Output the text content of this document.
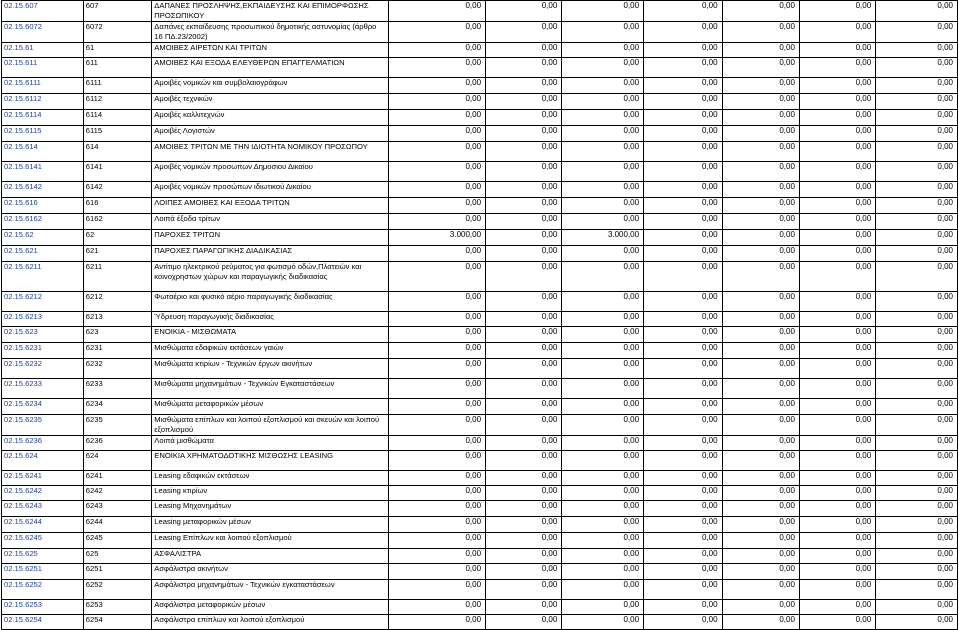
02.15.607	607	ΔΑΠΑΝΕΣ ΠΡΟΣΛΗΨΗΣ,ΕΚΠΑΙΔΕΥΣΗΣ ΚΑΙ ΕΠΙΜΟΡΦΩΣΗΣ ΠΡΟΣΩΠΙΚΟΥ	0,00	0,00	0,00	0,00	0,00	0,00	0,00
02.15.6072	6072	Δαπάνες εκπαίδευσης προσωπικού δημοτικής αστυνομίας (άρθρο 16 ΠΔ.23/2002)	0,00	0,00	0,00	0,00	0,00	0,00	0,00
02.15.61	61	ΑΜΟΙΒΕΣ ΑΙΡΕΤΩΝ ΚΑΙ ΤΡΙΤΩΝ	0,00	0,00	0,00	0,00	0,00	0,00	0,00
02.15.611	611	ΑΜΟΙΒΕΣ ΚΑΙ ΕΞΟΔΑ ΕΛΕΥΘΕΡΩΝ ΕΠΑΓΓΕΛΜΑΤΙΩΝ	0,00	0,00	0,00	0,00	0,00	0,00	0,00
02.15.6111	6111	Αμοιβές νομικών και συμβολαιογράφων	0,00	0,00	0,00	0,00	0,00	0,00	0,00
02.15.6112	6112	Αμοιβές τεχνικών	0,00	0,00	0,00	0,00	0,00	0,00	0,00
02.15.6114	6114	Αμοιβές καλλιτεχνών	0,00	0,00	0,00	0,00	0,00	0,00	0,00
02.15.6115	6115	Αμοιβές Λογιστών	0,00	0,00	0,00	0,00	0,00	0,00	0,00
02.15.614	614	ΑΜΟΙΒΕΣ ΤΡΙΤΩΝ ΜΕ ΤΗΝ ΙΔΙΟΤΗΤΑ ΝΟΜΙΚΟΥ ΠΡΟΣΩΠΟΥ	0,00	0,00	0,00	0,00	0,00	0,00	0,00
02.15.6141	6141	Αμοιβές νομικών προσωπων Δημοσιου Δικαίου	0,00	0,00	0,00	0,00	0,00	0,00	0,00
02.15.6142	6142	Αμοιβές νομικών προσώπων ιδιωτικού Δικαίου	0,00	0,00	0,00	0,00	0,00	0,00	0,00
02.15.616	616	ΛΟΙΠΕΣ ΑΜΟΙΒΕΣ ΚΑΙ ΕΞΟΔΑ ΤΡΙΤΩΝ	0,00	0,00	0,00	0,00	0,00	0,00	0,00
02.15.6162	6162	Λοιπά έξοδα τρίτων	0,00	0,00	0,00	0,00	0,00	0,00	0,00
02.15.62	62	ΠΑΡΟΧΕΣ ΤΡΙΤΩΝ	3.000,00	0,00	3.000,00	0,00	0,00	0,00	0,00
02.15.621	621	ΠΑΡΟΧΕΣ ΠΑΡΑΓΩΓΙΚΗΣ ΔΙΑΔΙΚΑΣΙΑΣ	0,00	0,00	0,00	0,00	0,00	0,00	0,00
02.15.6211	6211	Αντίτιμο ηλεκτρικού ρεύματος για φωτισμό οδών,Πλατειών και κοινοχρηστων χώρων και παραγωγικής διαδικασίας	0,00	0,00	0,00	0,00	0,00	0,00	0,00
02.15.6212	6212	Φωταέριο και φυσικό αέριο παραγωγικής διαδικασίας	0,00	0,00	0,00	0,00	0,00	0,00	0,00
02.15.6213	6213	Ύδρευση παραγωγικής διαδικασίας	0,00	0,00	0,00	0,00	0,00	0,00	0,00
02.15.623	623	ΕΝΟΙΚΙΑ - ΜΙΣΘΩΜΑΤΑ	0,00	0,00	0,00	0,00	0,00	0,00	0,00
02.15.6231	6231	Μισθώματα εδαφικών εκτάσεων γαιών	0,00	0,00	0,00	0,00	0,00	0,00	0,00
02.15.6232	6232	Μισθώματα κτιρίων - Τεχνικών έργων ακινήτων	0,00	0,00	0,00	0,00	0,00	0,00	0,00
02.15.6233	6233	Μισθώματα μηχανημάτων - Τεχνικών Εγκαταστάσεων	0,00	0,00	0,00	0,00	0,00	0,00	0,00
02.15.6234	6234	Μισθώματα μεταφορικών μέσων	0,00	0,00	0,00	0,00	0,00	0,00	0,00
02.15.6235	6235	Μισθώματα επίπλων και λοιπού εξοπλισμού και σκευών και λοιπού εξοπλισμού	0,00	0,00	0,00	0,00	0,00	0,00	0,00
02.15.6236	6236	Λοιπά μισθώματα	0,00	0,00	0,00	0,00	0,00	0,00	0,00
02.15.624	624	ΕΝΟΙΚΙΑ ΧΡΗΜΑΤΟΔΟΤΙΚΗΣ ΜΙΣΘΩΣΗΣ LEASING	0,00	0,00	0,00	0,00	0,00	0,00	0,00
02.15.6241	6241	Leasing εδαφικών εκτάσεων	0,00	0,00	0,00	0,00	0,00	0,00	0,00
02.15.6242	6242	Leasing κτιρίων	0,00	0,00	0,00	0,00	0,00	0,00	0,00
02.15.6243	6243	Leasing Μηχανημάτων	0,00	0,00	0,00	0,00	0,00	0,00	0,00
02.15.6244	6244	Leasing μεταφορικών μέσων	0,00	0,00	0,00	0,00	0,00	0,00	0,00
02.15.6245	6245	Leasing Επίπλων και λοιπού εξοπλισμού	0,00	0,00	0,00	0,00	0,00	0,00	0,00
02.15.625	625	ΑΣΦΑΛΙΣΤΡΑ	0,00	0,00	0,00	0,00	0,00	0,00	0,00
02.15.6251	6251	Ασφάλιστρα ακινήτων	0,00	0,00	0,00	0,00	0,00	0,00	0,00
02.15.6252	6252	Ασφάλιστρα μηχανημάτων - Τεχνικών εγκαταστάσεων	0,00	0,00	0,00	0,00	0,00	0,00	0,00
02.15.6253	6253	Ασφάλιστρα μεταφορικών μέσων	0,00	0,00	0,00	0,00	0,00	0,00	0,00
02.15.6254	6254	Ασφάλιστρα επίπλων και λοιπού εξοπλισμού	0,00	0,00	0,00	0,00	0,00	0,00	0,00
